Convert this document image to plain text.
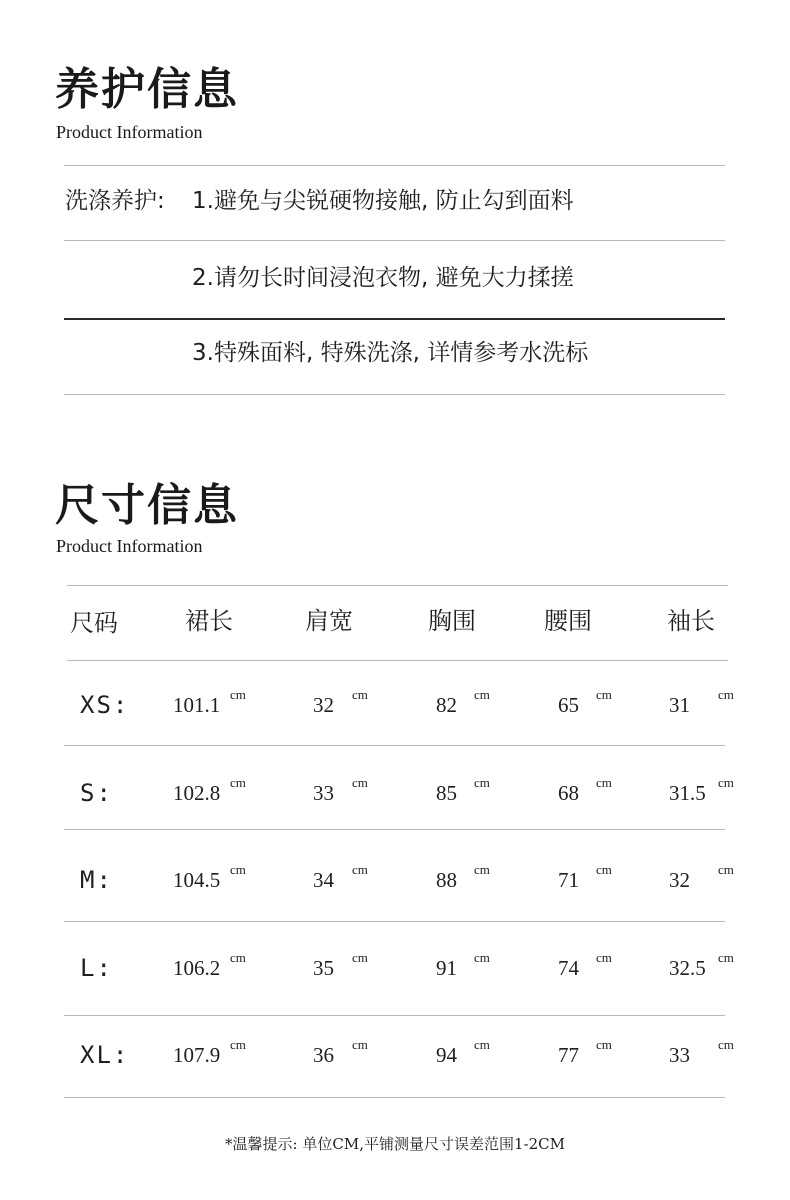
养护信息
Product Information
洗涤养护: 1.避免与尖锐硬物接触, 防止勾到面料
2.请勿长时间浸泡衣物, 避免大力揉搓
3.特殊面料, 特殊洗涤, 详情参考水洗标
尺寸信息
Product Information
尺码	裙长	肩宽	胸围	腰围	袖长
XS: 101.1 cm	32 cm	82 cm	65 cm	31 cm
S:	102.8 cm	33 cm	85 cm	68 cm	31.5 cm
M:	104.5 cm	34 cm	88 cm	71 cm	32 cm
L:	106.2 cm	35 cm	91 cm	74 cm	32.5 cm
XL: 107.9 cm	36 cm	94 cm	77 cm	33 cm
*温馨提示: 单位CM,平铺测量尺寸误差范围1-2CM
